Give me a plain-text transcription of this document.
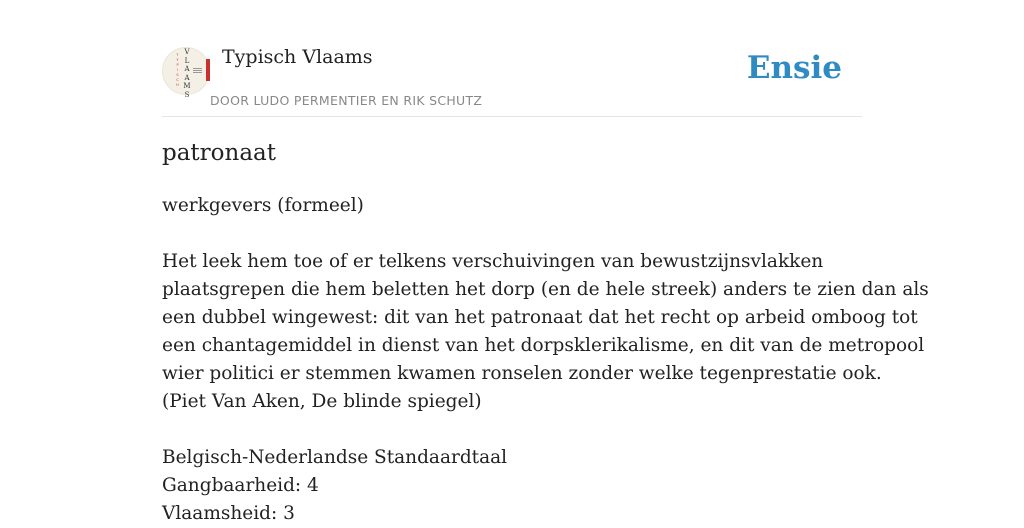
T
Y
P
I
S
C
H
V
L
A
A
M
S
Typisch Vlaams
DOOR LUDO PERMENTIER EN RIK SCHUTZ
Ensie
patronaat

werkgevers (formeel)

Het leek hem toe of er telkens verschuivingen van bewustzijnsvlakken
plaatsgrepen die hem beletten het dorp (en de hele streek) anders te zien dan als
een dubbel wingewest: dit van het patronaat dat het recht op arbeid omboog tot
een chantagemiddel in dienst van het dorpsklerikalisme, en dit van de metropool
wier politici er stemmen kwamen ronselen zonder welke tegenprestatie ook.
(Piet Van Aken, De blinde spiegel)

Belgisch-Nederlandse Standaardtaal
Gangbaarheid: 4
Vlaamsheid: 3
